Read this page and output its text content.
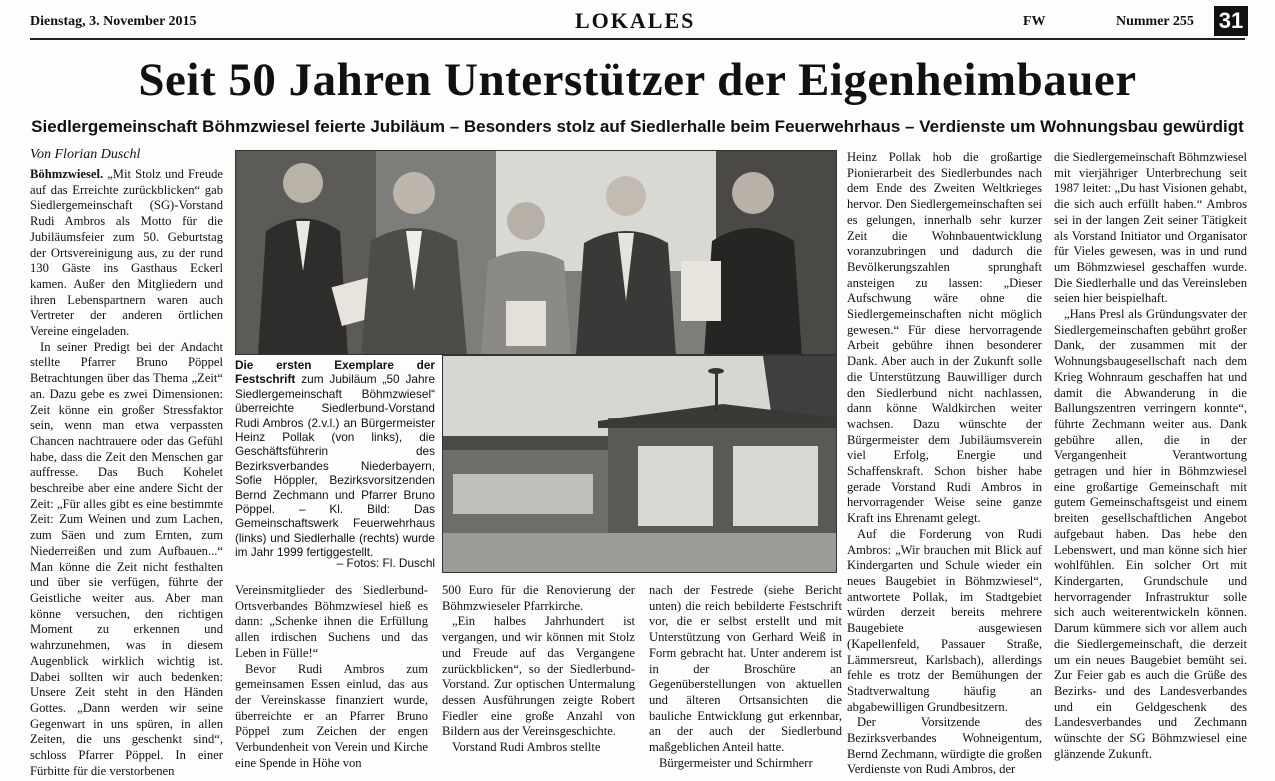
Dienstag, 3. November 2015	LOKALES	FW	Nummer 255 31
Seit 50 Jahren Unterstützer der Eigenheimbauer
Siedlergemeinschaft Böhmzwiesel feierte Jubiläum – Besonders stolz auf Siedlerhalle beim Feuerwehrhaus – Verdienste um Wohnungsbau gewürdigt
Von Florian Duschl

Böhmzwiesel. „Mit Stolz und Freude auf das Erreichte zurückblicken“ gab Siedlergemeinschaft (SG)-Vorstand Rudi Ambros als Motto für die Jubiläumsfeier zum 50. Geburtstag der Ortsvereinigung aus, zu der rund 130 Gäste ins Gasthaus Eckerl kamen. Außer den Mitgliedern und ihren Lebenspartnern waren auch Vertreter der anderen örtlichen Vereine eingeladen.

In seiner Predigt bei der Andacht stellte Pfarrer Bruno Pöppel Betrachtungen über das Thema „Zeit“ an. Dazu gebe es zwei Dimensionen: Zeit könne ein großer Stressfaktor sein, wenn man etwa verpassten Chancen nachtrauere oder das Gefühl habe, dass die Zeit den Menschen gar auffresse. Das Buch Kohelet beschreibe aber eine andere Sicht der Zeit: „Für alles gibt es eine bestimmte Zeit: Zum Weinen und zum Lachen, zum Säen und zum Ernten, zum Niederreißen und zum Aufbauen...“ Man könne die Zeit nicht festhalten und über sie verfügen, führte der Geistliche weiter aus. Aber man könne versuchen, den richtigen Moment zu erkennen und wahrzunehmen, was in diesem Augenblick wirklich wichtig ist. Dabei sollten wir auch bedenken: Unsere Zeit steht in den Händen Gottes. „Dann werden wir seine Gegenwart in uns spüren, in allen Zeiten, die uns geschenkt sind“, schloss Pfarrer Pöppel. In einer Fürbitte für die verstorbenen

Die ersten Exemplare der Festschrift zum Jubiläum „50 Jahre Siedlergemeinschaft Böhmzwiesel“ überreichte Siedlerbund-Vorstand Rudi Ambros (2.v.l.) an Bürgermeister Heinz Pollak (von links), die Geschäftsführerin des Bezirksverbandes Niederbayern, Sofie Höppler, Bezirksvorsitzenden Bernd Zechmann und Pfarrer Bruno Pöppel. – Kl. Bild: Das Gemeinschaftswerk Feuerwehrhaus (links) und Siedlerhalle (rechts) wurde im Jahr 1999 fertiggestellt.
– Fotos: Fl. Duschl

Vereinsmitglieder des Siedlerbund-Ortsverbandes Böhmzwiesel hieß es dann: „Schenke ihnen die Erfüllung allen irdischen Suchens und das Leben in Fülle!“

Bevor Rudi Ambros zum gemeinsamen Essen einlud, das aus der Vereinskasse finanziert wurde, überreichte er an Pfarrer Bruno Pöppel zum Zeichen der engen Verbundenheit von Verein und Kirche eine Spende in Höhe von

500 Euro für die Renovierung der Böhmzwieseler Pfarrkirche.

„Ein halbes Jahrhundert ist vergangen, und wir können mit Stolz und Freude auf das Vergangene zurückblicken“, so der Siedlerbund-Vorstand. Zur optischen Untermalung dessen Ausführungen zeigte Robert Fiedler eine große Anzahl von Bildern aus der Vereinsgeschichte.

Vorstand Rudi Ambros stellte

nach der Festrede (siehe Bericht unten) die reich bebilderte Festschrift vor, die er selbst erstellt und mit Unterstützung von Gerhard Weiß in Form gebracht hat. Unter anderem ist in der Broschüre an Gegenüberstellungen von aktuellen und älteren Ortsansichten die bauliche Entwicklung gut erkennbar, an der auch der Siedlerbund maßgeblichen Anteil hatte.

Bürgermeister und Schirmherr

Heinz Pollak hob die großartige Pionierarbeit des Siedlerbundes nach dem Ende des Zweiten Weltkrieges hervor. Den Siedlergemeinschaften sei es gelungen, innerhalb sehr kurzer Zeit die Wohnbauentwicklung voranzubringen und dadurch die Bevölkerungszahlen sprunghaft ansteigen zu lassen: „Dieser Aufschwung wäre ohne die Siedlergemeinschaften nicht möglich gewesen.“ Für diese hervorragende Arbeit gebühre ihnen besonderer Dank. Aber auch in der Zukunft solle die Unterstützung Bauwilliger durch den Siedlerbund nicht nachlassen, dann könne Waldkirchen weiter wachsen. Dazu wünschte der Bürgermeister dem Jubiläumsverein viel Erfolg, Energie und Schaffenskraft. Schon bisher habe gerade Vorstand Rudi Ambros in hervorragender Weise seine ganze Kraft ins Ehrenamt gelegt.

Auf die Forderung von Rudi Ambros: „Wir brauchen mit Blick auf Kindergarten und Schule wieder ein neues Baugebiet in Böhmzwiesel“, antwortete Pollak, im Stadtgebiet würden derzeit bereits mehrere Baugebiete ausgewiesen (Kapellenfeld, Passauer Straße, Lämmersreut, Karlsbach), allerdings fehle es trotz der Bemühungen der Stadtverwaltung häufig an abgabewilligen Grundbesitzern.

Der Vorsitzende des Bezirksverbandes Wohneigentum, Bernd Zechmann, würdigte die großen Verdienste von Rudi Ambros, der

die Siedlergemeinschaft Böhmzwiesel mit vierjähriger Unterbrechung seit 1987 leitet: „Du hast Visionen gehabt, die sich auch erfüllt haben.“ Ambros sei in der langen Zeit seiner Tätigkeit als Vorstand Initiator und Organisator für Vieles gewesen, was in und rund um Böhmzwiesel geschaffen wurde. Die Siedlerhalle und das Vereinsleben seien hier beispielhaft.

„Hans Presl als Gründungsvater der Siedlergemeinschaften gebührt großer Dank, der zusammen mit der Wohnungsbaugesellschaft nach dem Krieg Wohnraum geschaffen hat und damit die Abwanderung in die Ballungszentren verringern konnte“, führte Zechmann weiter aus. Dank gebühre allen, die in der Vergangenheit Verantwortung getragen und hier in Böhmzwiesel eine großartige Gemeinschaft mit gutem Gemeinschaftsgeist und einem breiten gesellschaftlichen Angebot aufgebaut haben. Das hebe den Lebenswert, und man könne sich hier wohlfühlen. Ein solcher Ort mit Kindergarten, Grundschule und hervorragender Infrastruktur solle sich auch weiterentwickeln können. Darum kümmere sich vor allem auch die Siedlergemeinschaft, die derzeit um ein neues Baugebiet bemüht sei. Zur Feier gab es auch die Grüße des Bezirks- und des Landesverbandes und ein Geldgeschenk des Landesverbandes und Zechmann wünschte der SG Böhmzwiesel eine glänzende Zukunft.
